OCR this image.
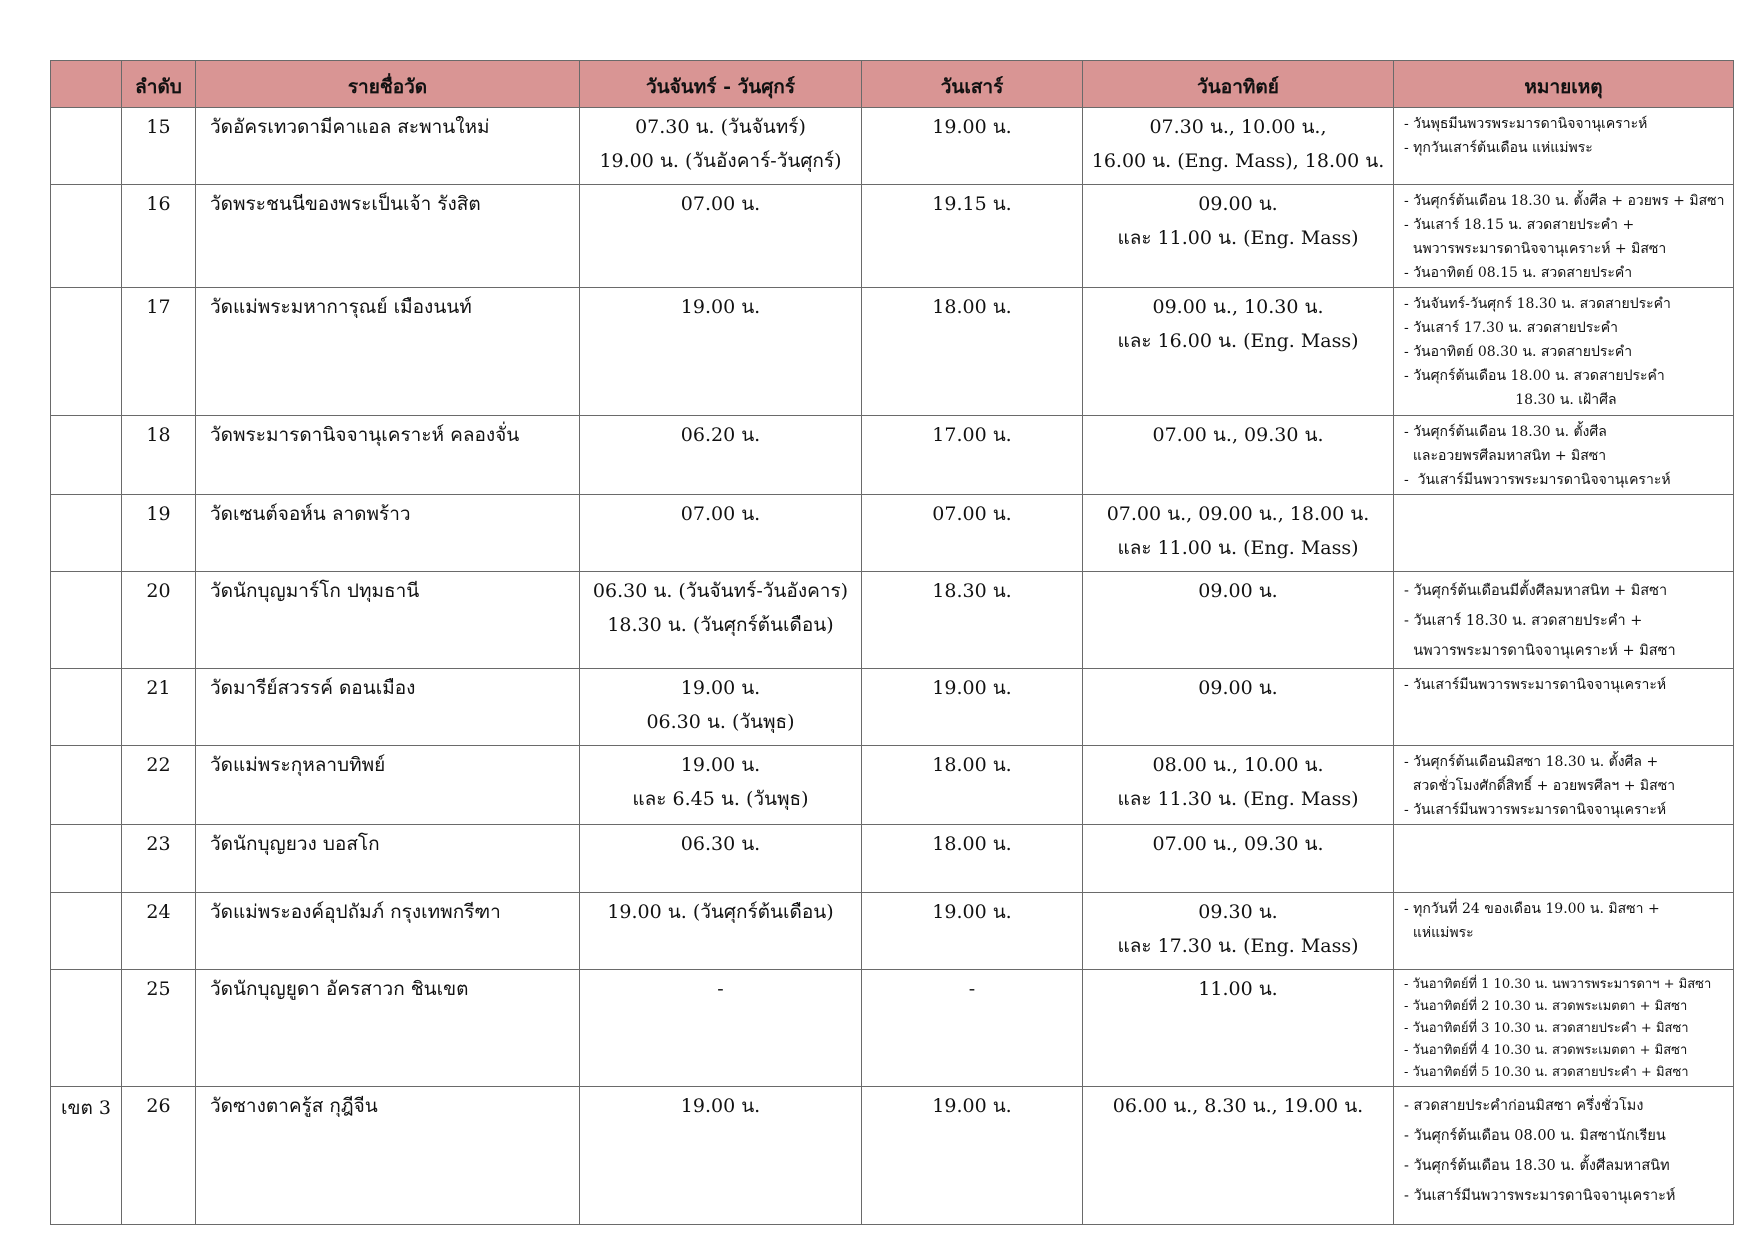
	ลำดับ	รายชื่อวัด	วันจันทร์ - วันศุกร์	วันเสาร์	วันอาทิตย์	หมายเหตุ
	15	วัดอัครเทวดามีคาแอล สะพานใหม่	07.30 น. (วันจันทร์)
19.00 น. (วันอังคาร์-วันศุกร์)	19.00 น.	07.30 น., 10.00 น.,
16.00 น. (Eng. Mass), 18.00 น.	- วันพุธมีนพวรพระมารดานิจจานุเคราะห์
- ทุกวันเสาร์ต้นเดือน แห่แม่พระ

	16	วัดพระชนนีของพระเป็นเจ้า รังสิต	07.00 น.	19.15 น.	09.00 น.
และ 11.00 น. (Eng. Mass)	- วันศุกร์ต้นเดือน 18.30 น. ตั้งศีล + อวยพร + มิสซา
- วันเสาร์ 18.15 น. สวดสายประคำ +
นพวารพระมารดานิจจานุเคราะห์ + มิสซา
- วันอาทิตย์ 08.15 น. สวดสายประคำ

	17	วัดแม่พระมหาการุณย์ เมืองนนท์	19.00 น.	18.00 น.	09.00 น., 10.30 น.
และ 16.00 น. (Eng. Mass)	- วันจันทร์-วันศุกร์ 18.30 น. สวดสายประคำ
- วันเสาร์ 17.30 น. สวดสายประคำ
- วันอาทิตย์ 08.30 น. สวดสายประคำ
- วันศุกร์ต้นเดือน 18.00 น. สวดสายประคำ
18.30 น. เฝ้าศีล

	18	วัดพระมารดานิจจานุเคราะห์ คลองจั่น	06.20 น.	17.00 น.	07.00 น., 09.30 น.	- วันศุกร์ต้นเดือน 18.30 น. ตั้งศีล
และอวยพรศีลมหาสนิท + มิสซา
-  วันเสาร์มีนพวารพระมารดานิจจานุเคราะห์

	19	วัดเซนต์จอห์น ลาดพร้าว	07.00 น.	07.00 น.	07.00 น., 09.00 น., 18.00 น.
และ 11.00 น. (Eng. Mass)	

	20	วัดนักบุญมาร์โก ปทุมธานี	06.30 น. (วันจันทร์-วันอังคาร)
18.30 น. (วันศุกร์ต้นเดือน)	18.30 น.	09.00 น.	- วันศุกร์ต้นเดือนมีตั้งศีลมหาสนิท + มิสซา
- วันเสาร์ 18.30 น. สวดสายประคำ +
นพวารพระมารดานิจจานุเคราะห์ + มิสซา

	21	วัดมารีย์สวรรค์ ดอนเมือง	19.00 น.
06.30 น. (วันพุธ)	19.00 น.	09.00 น.	- วันเสาร์มีนพวารพระมารดานิจจานุเคราะห์

	22	วัดแม่พระกุหลาบทิพย์	19.00 น.
และ 6.45 น. (วันพุธ)	18.00 น.	08.00 น., 10.00 น.
และ 11.30 น. (Eng. Mass)	- วันศุกร์ต้นเดือนมิสซา 18.30 น. ตั้งศีล +
สวดชั่วโมงศักดิ์สิทธิ์ + อวยพรศีลฯ + มิสซา
- วันเสาร์มีนพวารพระมารดานิจจานุเคราะห์

	23	วัดนักบุญยวง บอสโก	06.30 น.	18.00 น.	07.00 น., 09.30 น.	

	24	วัดแม่พระองค์อุปถัมภ์ กรุงเทพกรีฑา	19.00 น. (วันศุกร์ต้นเดือน)	19.00 น.	09.30 น.
และ 17.30 น. (Eng. Mass)	- ทุกวันที่ 24 ของเดือน 19.00 น. มิสซา +
แห่แม่พระ

	25	วัดนักบุญยูดา อัครสาวก ชินเขต	-	-	11.00 น.	- วันอาทิตย์ที่ 1 10.30 น. นพวารพระมารดาฯ + มิสซา
- วันอาทิตย์ที่ 2 10.30 น. สวดพระเมตตา + มิสซา
- วันอาทิตย์ที่ 3 10.30 น. สวดสายประคำ + มิสซา
- วันอาทิตย์ที่ 4 10.30 น. สวดพระเมตตา + มิสซา
- วันอาทิตย์ที่ 5 10.30 น. สวดสายประคำ + มิสซา

เขต 3	26	วัดซางตาครู้ส กุฎีจีน	19.00 น.	19.00 น.	06.00 น., 8.30 น., 19.00 น.	- สวดสายประคำก่อนมิสซา ครึ่งชั่วโมง
- วันศุกร์ต้นเดือน 08.00 น. มิสซานักเรียน
- วันศุกร์ต้นเดือน 18.30 น. ตั้งศีลมหาสนิท
- วันเสาร์มีนพวารพระมารดานิจจานุเคราะห์
